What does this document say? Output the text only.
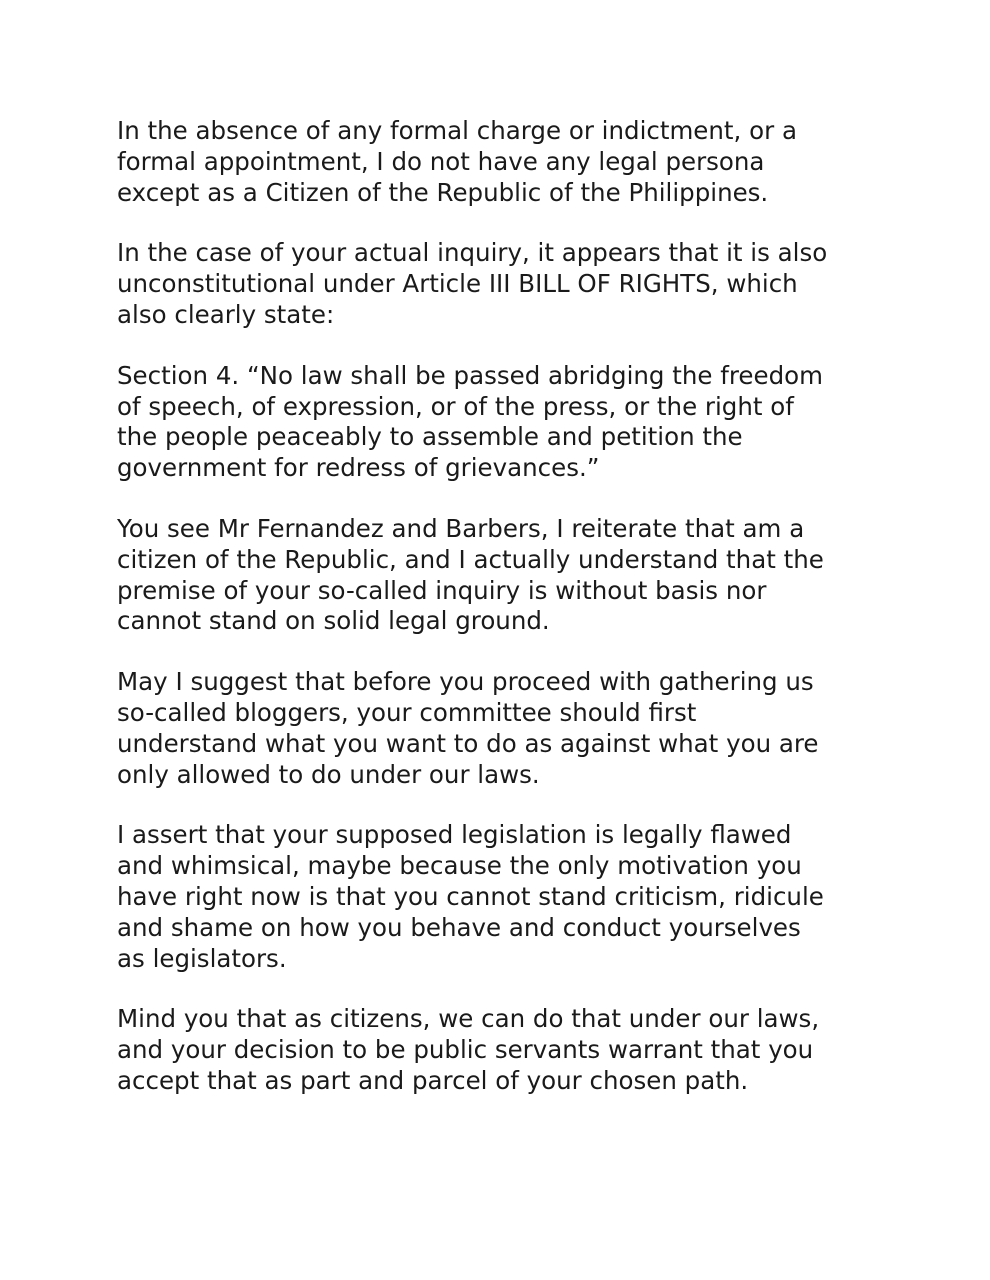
In the absence of any formal charge or indictment, or a
formal appointment, I do not have any legal persona
except as a Citizen of the Republic of the Philippines.

In the case of your actual inquiry, it appears that it is also
unconstitutional under Article III BILL OF RIGHTS, which
also clearly state:

Section 4. “No law shall be passed abridging the freedom
of speech, of expression, or of the press, or the right of
the people peaceably to assemble and petition the
government for redress of grievances.”

You see Mr Fernandez and Barbers, I reiterate that am a
citizen of the Republic, and I actually understand that the
premise of your so-called inquiry is without basis nor
cannot stand on solid legal ground.

May I suggest that before you proceed with gathering us
so-called bloggers, your committee should first
understand what you want to do as against what you are
only allowed to do under our laws.

I assert that your supposed legislation is legally flawed
and whimsical, maybe because the only motivation you
have right now is that you cannot stand criticism, ridicule
and shame on how you behave and conduct yourselves
as legislators.

Mind you that as citizens, we can do that under our laws,
and your decision to be public servants warrant that you
accept that as part and parcel of your chosen path.
